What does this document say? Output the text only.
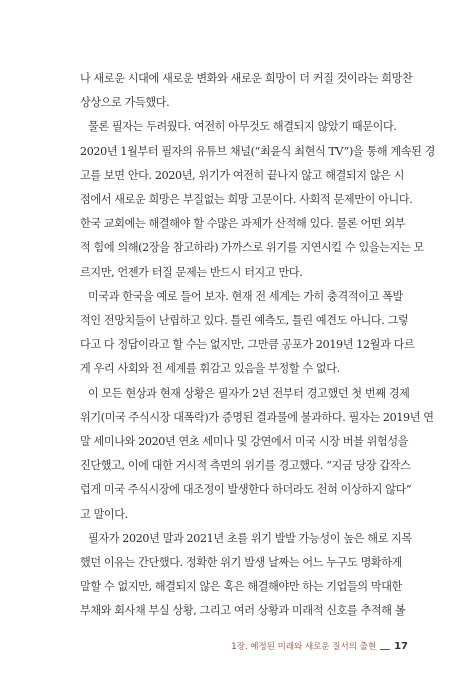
나 새로운 시대에 새로운 변화와 새로운 희망이 더 커질 것이라는 희망찬
상상으로 가득했다.
물론 필자는 두려웠다. 여전히 아무것도 해결되지 않았기 때문이다.
2020년 1월부터 필자의 유튜브 채널(“최윤식 최현식 TV”)을 통해 계속된 경
고를 보면 안다. 2020년, 위기가 여전히 끝나지 않고 해결되지 않은 시
점에서 새로운 희망은 부질없는 희망 고문이다. 사회적 문제만이 아니다.
한국 교회에는 해결해야 할 수많은 과제가 산적해 있다. 물론 어떤 외부
적 힘에 의해(2장을 참고하라) 가까스로 위기를 지연시킬 수 있을는지는 모
르지만, 언젠가 터질 문제는 반드시 터지고 만다.
미국과 한국을 예로 들어 보자. 현재 전 세계는 가히 충격적이고 폭발
적인 전망치들이 난립하고 있다. 틀린 예측도, 틀린 예견도 아니다. 그렇
다고 다 정답이라고 할 수는 없지만, 그만큼 공포가 2019년 12월과 다르
게 우리 사회와 전 세계를 휘감고 있음을 부정할 수 없다.
이 모든 현상과 현재 상황은 필자가 2년 전부터 경고했던 첫 번째 경제
위기(미국 주식시장 대폭락)가 증명된 결과물에 불과하다. 필자는 2019년 연
말 세미나와 2020년 연초 세미나 및 강연에서 미국 시장 버블 위험성을
진단했고, 이에 대한 거시적 측면의 위기를 경고했다. “지금 당장 갑작스
럽게 미국 주식시장에 대조정이 발생한다 하더라도 전혀 이상하지 않다”
고 말이다.
필자가 2020년 말과 2021년 초를 위기 발발 가능성이 높은 해로 지목
했던 이유는 간단했다. 정확한 위기 발생 날짜는 어느 누구도 명확하게
1장. 예정된 미래와 새로운 질서의 출현 17
말할 수 없지만, 해결되지 않은 혹은 해결해야만 하는 기업들의 막대한
부채와 회사채 부실 상황, 그리고 여러 상황과 미래적 신호를 추적해 볼
